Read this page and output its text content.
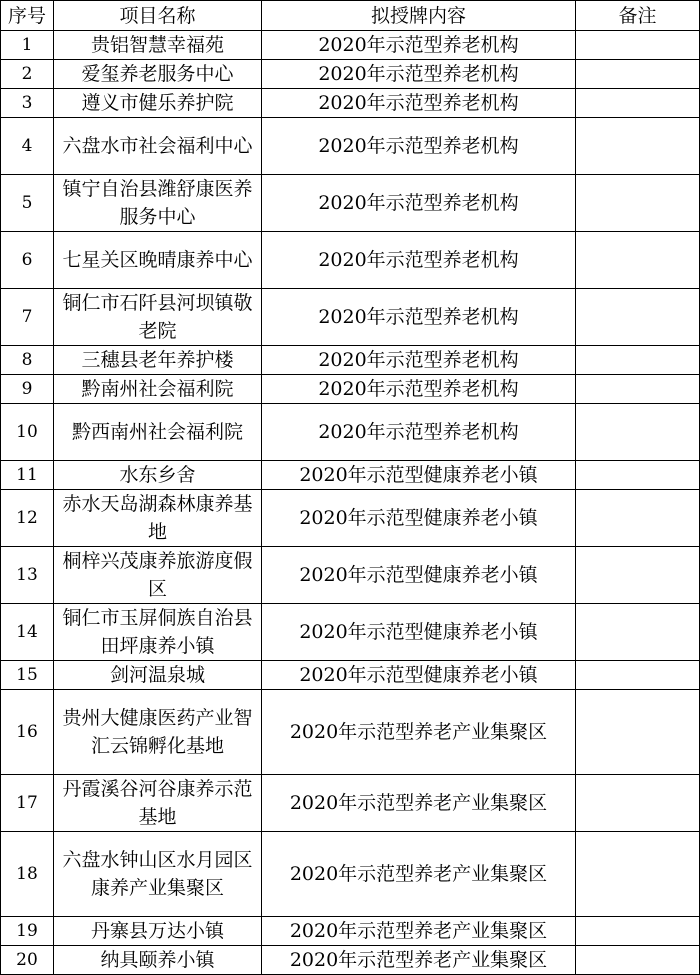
序号	项目名称	拟授牌内容	备注
1	贵铝智慧幸福苑	2020年示范型养老机构	
2	爱玺养老服务中心	2020年示范型养老机构	
3	遵义市健乐养护院	2020年示范型养老机构	
4	六盘水市社会福利中心	2020年示范型养老机构	
5	镇宁自治县潍舒康医养服务中心	2020年示范型养老机构	
6	七星关区晚晴康养中心	2020年示范型养老机构	
7	铜仁市石阡县河坝镇敬老院	2020年示范型养老机构	
8	三穗县老年养护楼	2020年示范型养老机构	
9	黔南州社会福利院	2020年示范型养老机构	
10	黔西南州社会福利院	2020年示范型养老机构	
11	水东乡舍	2020年示范型健康养老小镇	
12	赤水天岛湖森林康养基地	2020年示范型健康养老小镇	
13	桐梓兴茂康养旅游度假区	2020年示范型健康养老小镇	
14	铜仁市玉屏侗族自治县田坪康养小镇	2020年示范型健康养老小镇	
15	剑河温泉城	2020年示范型健康养老小镇	
16	贵州大健康医药产业智汇云锦孵化基地	2020年示范型养老产业集聚区	
17	丹霞溪谷河谷康养示范基地	2020年示范型养老产业集聚区	
18	六盘水钟山区水月园区康养产业集聚区	2020年示范型养老产业集聚区	
19	丹寨县万达小镇	2020年示范型养老产业集聚区	
20	纳具颐养小镇	2020年示范型养老产业集聚区	
